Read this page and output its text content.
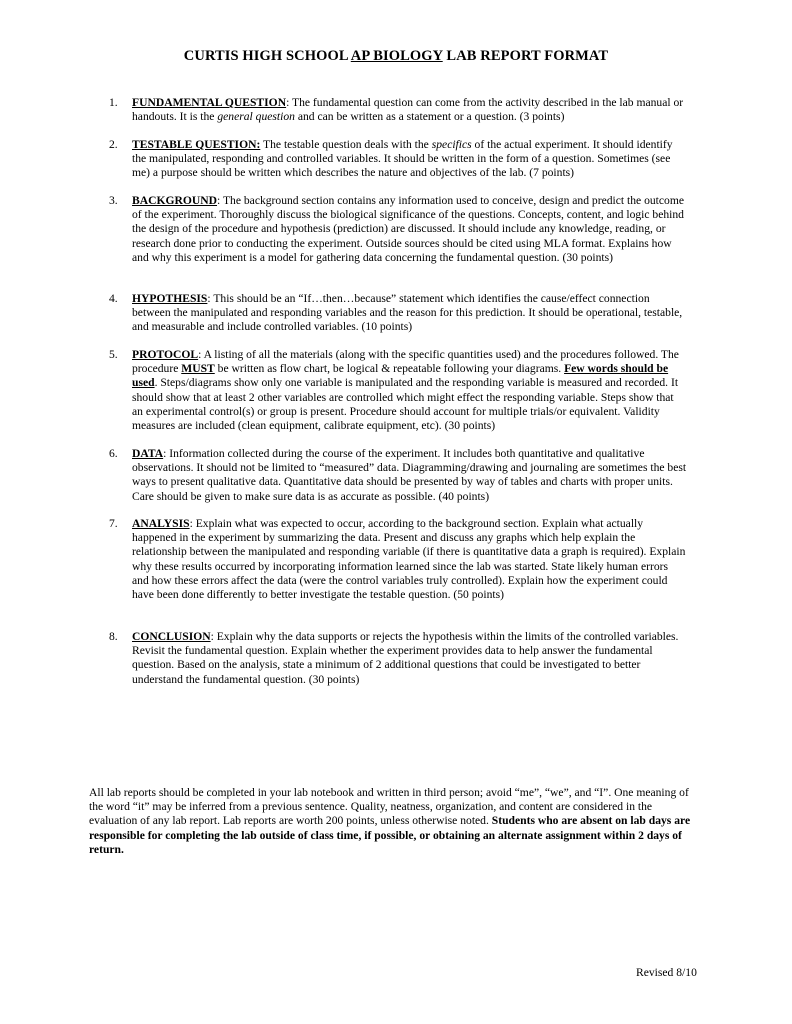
CURTIS HIGH SCHOOL AP BIOLOGY LAB REPORT FORMAT
1.	FUNDAMENTAL QUESTION: The fundamental question can come from the activity described in the lab manual or handouts. It is the general question and can be written as a statement or a question. (3 points)
2.	TESTABLE QUESTION: The testable question deals with the specifics of the actual experiment. It should identify the manipulated, responding and controlled variables. It should be written in the form of a question. Sometimes (see me) a purpose should be written which describes the nature and objectives of the lab. (7 points)
3.	BACKGROUND: The background section contains any information used to conceive, design and predict the outcome of the experiment. Thoroughly discuss the biological significance of the questions. Concepts, content, and logic behind the design of the procedure and hypothesis (prediction) are discussed. It should include any knowledge, reading, or research done prior to conducting the experiment. Outside sources should be cited using MLA format. Explains how and why this experiment is a model for gathering data concerning the fundamental question. (30 points)
4.	HYPOTHESIS: This should be an “If…then…because” statement which identifies the cause/effect connection between the manipulated and responding variables and the reason for this prediction. It should be operational, testable, and measurable and include controlled variables. (10 points)
5.	PROTOCOL: A listing of all the materials (along with the specific quantities used) and the procedures followed. The procedure MUST be written as flow chart, be logical & repeatable following your diagrams. Few words should be used. Steps/diagrams show only one variable is manipulated and the responding variable is measured and recorded. It should show that at least 2 other variables are controlled which might effect the responding variable. Steps show that an experimental control(s) or group is present. Procedure should account for multiple trials/or equivalent. Validity measures are included (clean equipment, calibrate equipment, etc). (30 points)
6.	DATA: Information collected during the course of the experiment. It includes both quantitative and qualitative observations. It should not be limited to “measured” data. Diagramming/drawing and journaling are sometimes the best ways to present qualitative data. Quantitative data should be presented by way of tables and charts with proper units. Care should be given to make sure data is as accurate as possible. (40 points)
7.	ANALYSIS: Explain what was expected to occur, according to the background section. Explain what actually happened in the experiment by summarizing the data. Present and discuss any graphs which help explain the relationship between the manipulated and responding variable (if there is quantitative data a graph is required). Explain why these results occurred by incorporating information learned since the lab was started. State likely human errors and how these errors affect the data (were the control variables truly controlled). Explain how the experiment could have been done differently to better investigate the testable question. (50 points)
8.	CONCLUSION: Explain why the data supports or rejects the hypothesis within the limits of the controlled variables. Revisit the fundamental question. Explain whether the experiment provides data to help answer the fundamental question. Based on the analysis, state a minimum of 2 additional questions that could be investigated to better understand the fundamental question. (30 points)
All lab reports should be completed in your lab notebook and written in third person; avoid “me”, “we”, and “I”. One meaning of the word “it” may be inferred from a previous sentence. Quality, neatness, organization, and content are considered in the evaluation of any lab report. Lab reports are worth 200 points, unless otherwise noted. Students who are absent on lab days are responsible for completing the lab outside of class time, if possible, or obtaining an alternate assignment within 2 days of return.
Revised 8/10
